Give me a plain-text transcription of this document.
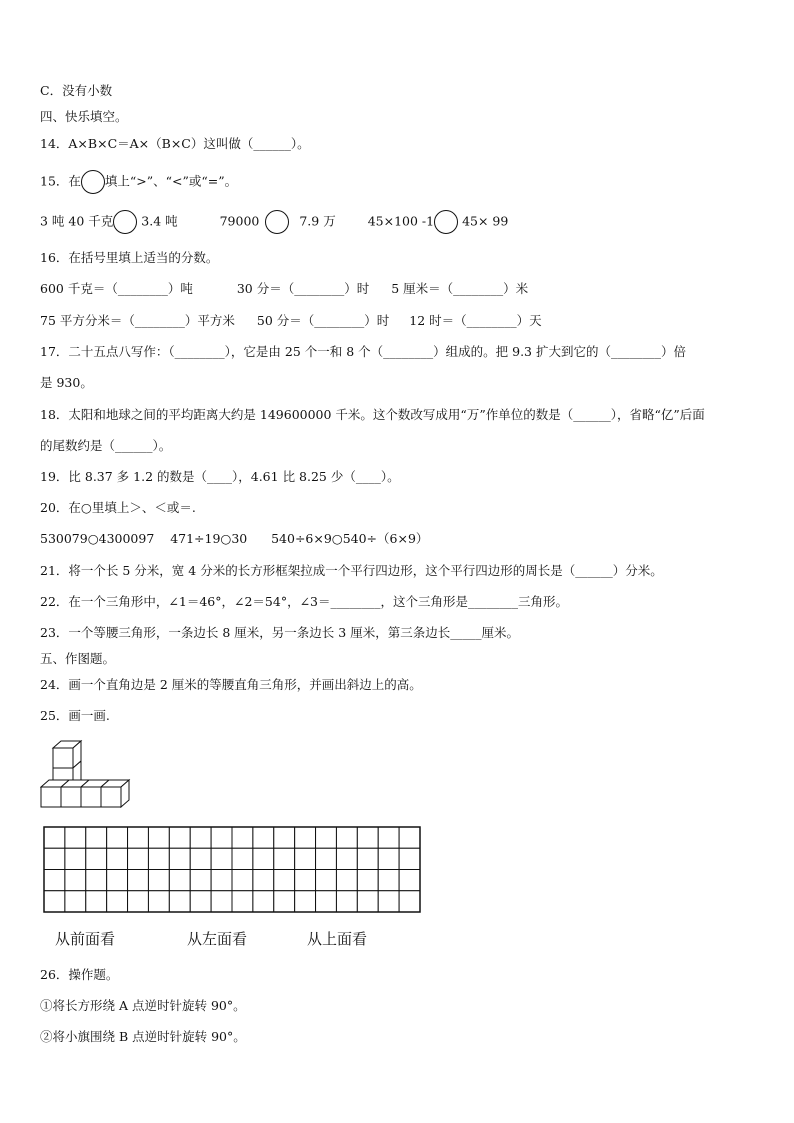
C．没有小数
四、快乐填空。
14．A×B×C＝A×（B×C）这叫做（______）。
15．在 填上“>”、“<”或“=”。
3 吨 40 千克 3.4 吨	79000	7.9 万	45×100 -1 45× 99
16．在括号里填上适当的分数。
600 千克＝（________）吨	30 分＝（________）时 5 厘米＝（________）米
75 平方分米＝（________）平方米 50 分＝（________）时 12 时＝（________）天
17．二十五点八写作：（________），它是由 25 个一和 8 个（________）组成的。把 9.3 扩大到它的（________）倍
是 930。
18．太阳和地球之间的平均距离大约是 149600000 千米。这个数改写成用“万”作单位的数是（______），省略“亿”后面
的尾数约是（______）。
19．比 8.37 多 1.2 的数是（____），4.61 比 8.25 少（____）。
20．在○里填上＞、＜或＝.
530079○4300097    471÷19○30      540÷6×9○540÷（6×9）
21．将一个长 5 分米，宽 4 分米的长方形框架拉成一个平行四边形，这个平行四边形的周长是（______）分米。
22．在一个三角形中，∠1＝46°，∠2＝54°，∠3＝________，这个三角形是________三角形。
23．一个等腰三角形，一条边长 8 厘米，另一条边长 3 厘米，第三条边长_____厘米。
五、作图题。
24．画一个直角边是 2 厘米的等腰直角三角形，并画出斜边上的高。
25．画一画.
从前面看	从左面看	从上面看
26．操作题。
①将长方形绕 A 点逆时针旋转 90°。
②将小旗围绕 B 点逆时针旋转 90°。
